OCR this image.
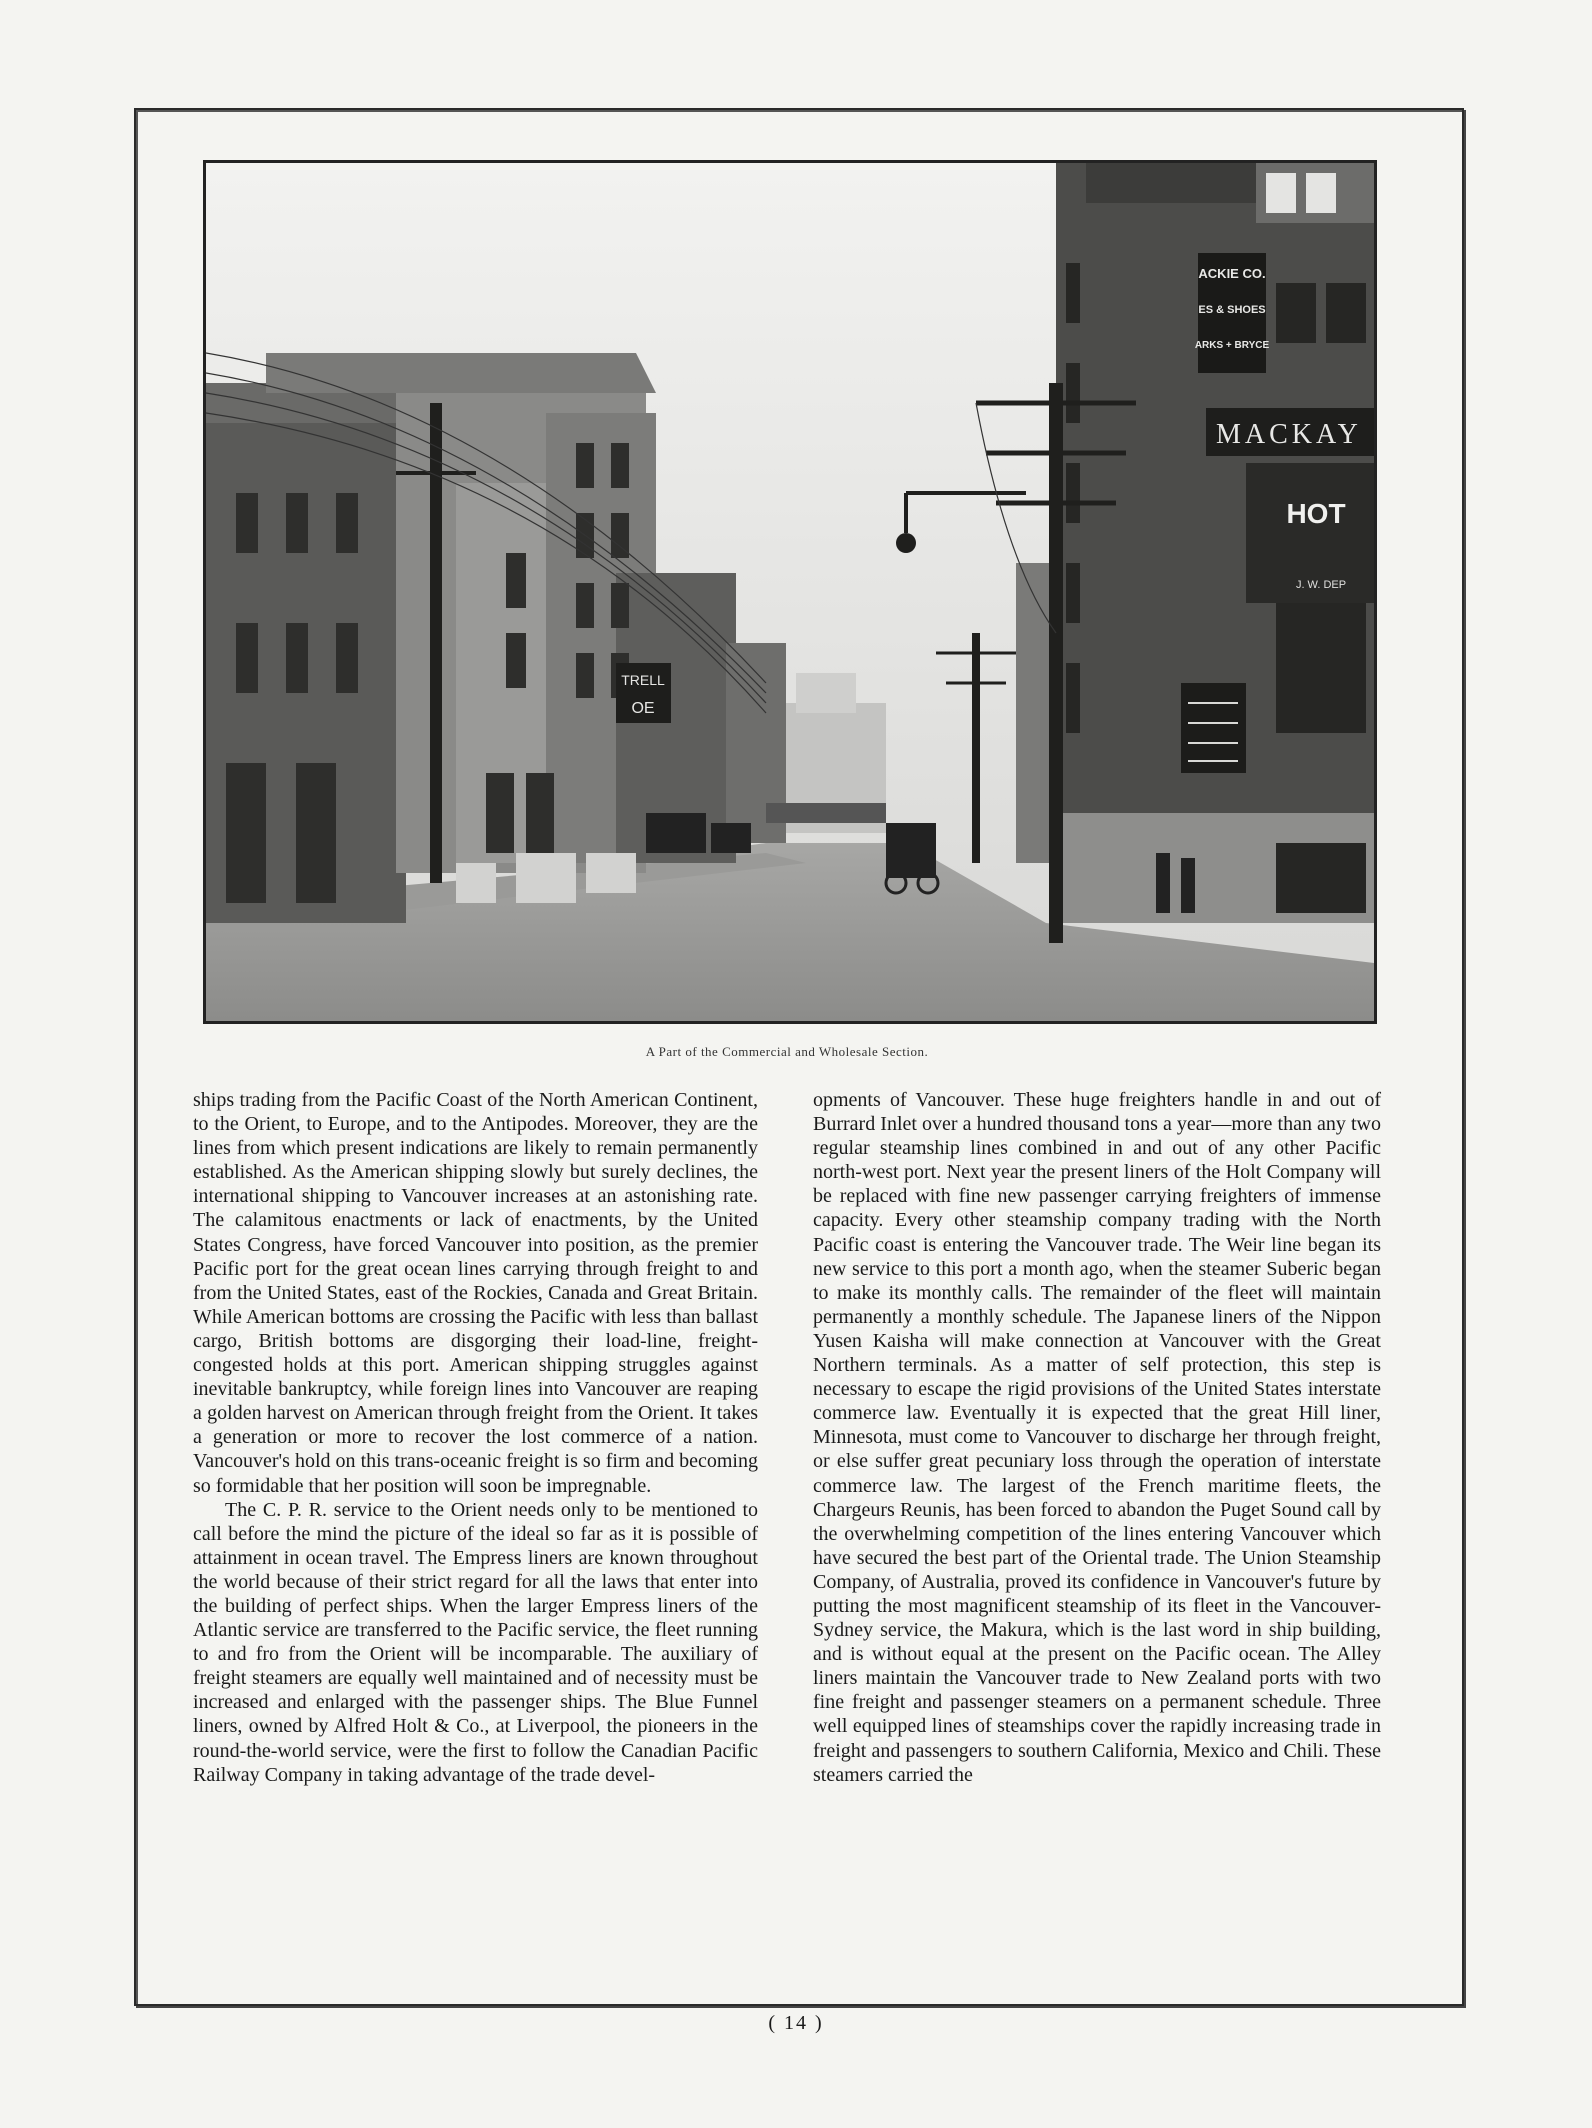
TRELL
OE
ACKIE CO.
ES & SHOES
ARKS + BRYCE
MACKAY
HOT
J. W. DEP
A Part of the Commercial and Wholesale Section.

ships trading from the Pacific Coast of the North American Continent, to the Orient, to Europe, and to the Antipodes. Moreover, they are the lines from which present indications are likely to remain permanently established. As the American shipping slowly but surely declines, the international shipping to Vancouver increases at an astonishing rate. The calamitous enactments or lack of enactments, by the United States Congress, have forced Vancouver into position, as the premier Pacific port for the great ocean lines carrying through freight to and from the United States, east of the Rockies, Canada and Great Britain. While American bottoms are crossing the Pacific with less than ballast cargo, British bottoms are disgorging their load-line, freight-congested holds at this port. American shipping struggles against inevitable bankruptcy, while foreign lines into Vancouver are reaping a golden harvest on American through freight from the Orient. It takes a generation or more to recover the lost commerce of a nation. Vancouver's hold on this trans-oceanic freight is so firm and becoming so formidable that her position will soon be impregnable.

The C. P. R. service to the Orient needs only to be mentioned to call before the mind the picture of the ideal so far as it is possible of attainment in ocean travel. The Empress liners are known throughout the world because of their strict regard for all the laws that enter into the building of perfect ships. When the larger Empress liners of the Atlantic service are transferred to the Pacific service, the fleet running to and fro from the Orient will be incomparable. The auxiliary of freight steamers are equally well maintained and of necessity must be increased and enlarged with the passenger ships. The Blue Funnel liners, owned by Alfred Holt & Co., at Liverpool, the pioneers in the round-the-world service, were the first to follow the Canadian Pacific Railway Company in taking advantage of the trade devel-

opments of Vancouver. These huge freighters handle in and out of Burrard Inlet over a hundred thousand tons a year—more than any two regular steamship lines combined in and out of any other Pacific north-west port. Next year the present liners of the Holt Company will be replaced with fine new passenger carrying freighters of immense capacity. Every other steamship company trading with the North Pacific coast is entering the Vancouver trade. The Weir line began its new service to this port a month ago, when the steamer Suberic began to make its monthly calls. The remainder of the fleet will maintain permanently a monthly schedule. The Japanese liners of the Nippon Yusen Kaisha will make connection at Vancouver with the Great Northern terminals. As a matter of self protection, this step is necessary to escape the rigid provisions of the United States interstate commerce law. Eventually it is expected that the great Hill liner, Minnesota, must come to Vancouver to discharge her through freight, or else suffer great pecuniary loss through the operation of interstate commerce law. The largest of the French maritime fleets, the Chargeurs Reunis, has been forced to abandon the Puget Sound call by the overwhelming competition of the lines entering Vancouver which have secured the best part of the Oriental trade. The Union Steamship Company, of Australia, proved its confidence in Vancouver's future by putting the most magnificent steamship of its fleet in the Vancouver-Sydney service, the Makura, which is the last word in ship building, and is without equal at the present on the Pacific ocean. The Alley liners maintain the Vancouver trade to New Zealand ports with two fine freight and passenger steamers on a permanent schedule. Three well equipped lines of steamships cover the rapidly increasing trade in freight and passengers to southern California, Mexico and Chili. These steamers carried the

( 14 )
